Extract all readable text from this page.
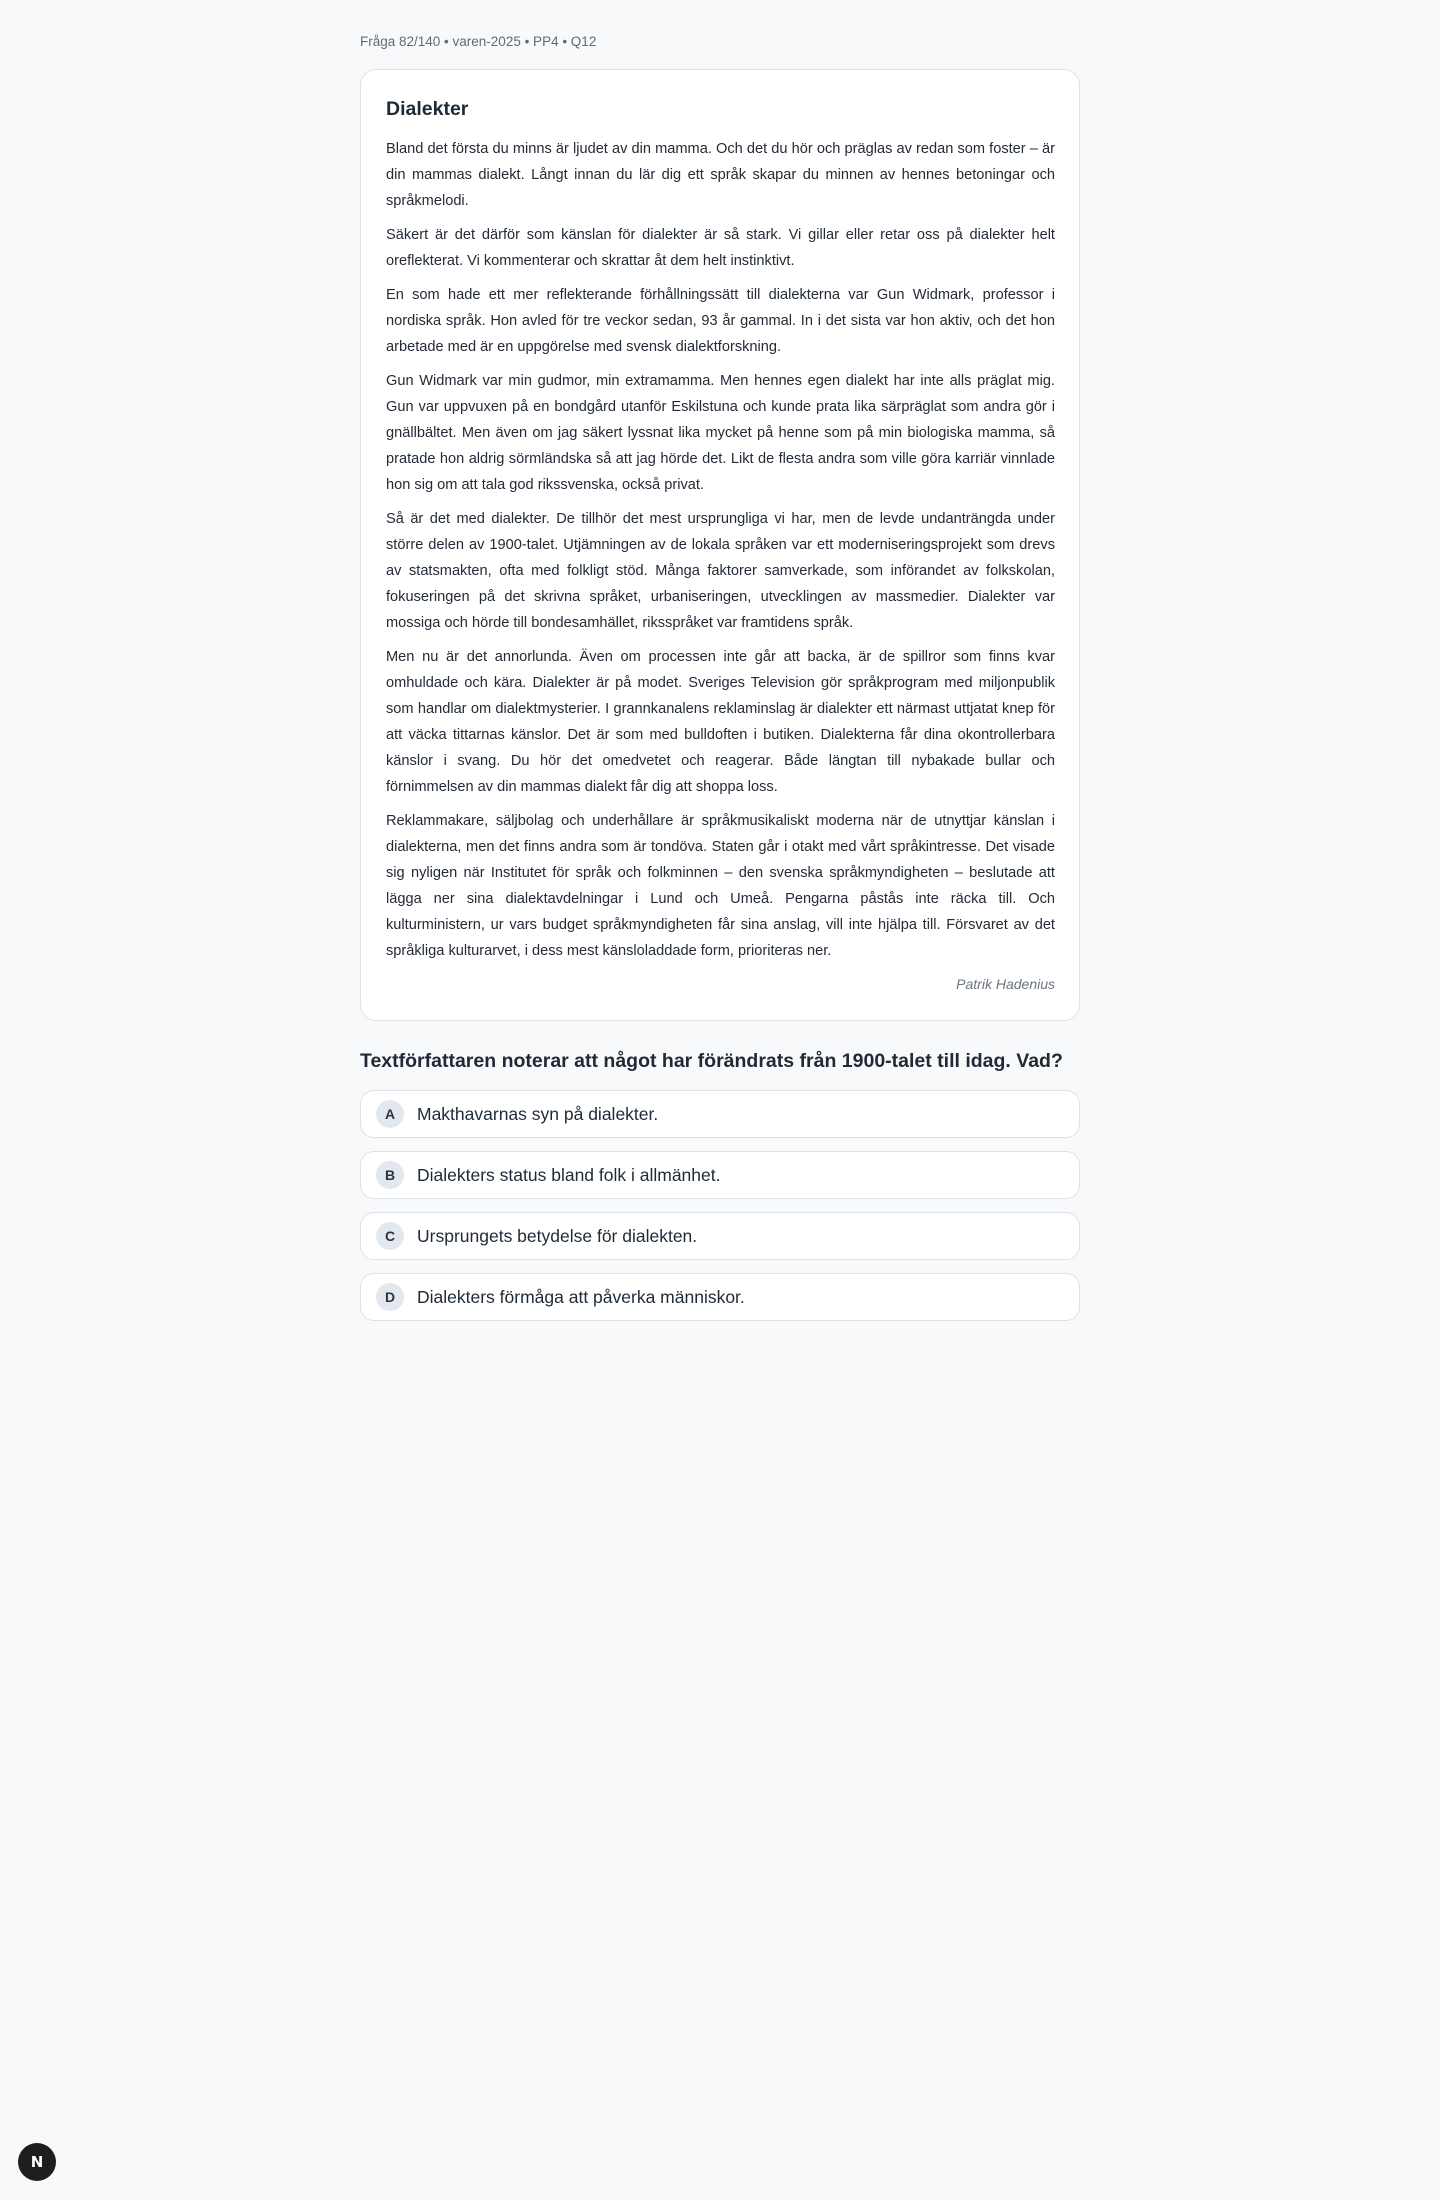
Fråga 82/140 • varen-2025 • PP4 • Q12
Dialekter

Bland det första du minns är ljudet av din mamma. Och det du hör och präglas av redan som foster – är din mammas dialekt. Långt innan du lär dig ett språk skapar du minnen av hennes betoningar och språkmelodi.

Säkert är det därför som känslan för dialekter är så stark. Vi gillar eller retar oss på dialekter helt oreflekterat. Vi kommenterar och skrattar åt dem helt instinktivt.

En som hade ett mer reflekterande förhållningssätt till dialekterna var Gun Widmark, professor i nordiska språk. Hon avled för tre veckor sedan, 93 år gammal. In i det sista var hon aktiv, och det hon arbetade med är en uppgörelse med svensk dialektforskning.

Gun Widmark var min gudmor, min extramamma. Men hennes egen dialekt har inte alls präglat mig. Gun var uppvuxen på en bondgård utanför Eskilstuna och kunde prata lika särpräglat som andra gör i gnällbältet. Men även om jag säkert lyssnat lika mycket på henne som på min biologiska mamma, så pratade hon aldrig sörmländska så att jag hörde det. Likt de flesta andra som ville göra karriär vinnlade hon sig om att tala god rikssvenska, också privat.

Så är det med dialekter. De tillhör det mest ursprungliga vi har, men de levde undanträngda under större delen av 1900-talet. Utjämningen av de lokala språken var ett moderniseringsprojekt som drevs av statsmakten, ofta med folkligt stöd. Många faktorer samverkade, som införandet av folkskolan, fokuseringen på det skrivna språket, urbaniseringen, utvecklingen av massmedier. Dialekter var mossiga och hörde till bondesamhället, riksspråket var framtidens språk.

Men nu är det annorlunda. Även om processen inte går att backa, är de spillror som finns kvar omhuldade och kära. Dialekter är på modet. Sveriges Television gör språkprogram med miljonpublik som handlar om dialektmysterier. I grannkanalens reklaminslag är dialekter ett närmast uttjatat knep för att väcka tittarnas känslor. Det är som med bulldoften i butiken. Dialekterna får dina okontrollerbara känslor i svang. Du hör det omedvetet och reagerar. Både längtan till nybakade bullar och förnimmelsen av din mammas dialekt får dig att shoppa loss.

Reklammakare, säljbolag och underhållare är språkmusikaliskt moderna när de utnyttjar känslan i dialekterna, men det finns andra som är tondöva. Staten går i otakt med vårt språkintresse. Det visade sig nyligen när Institutet för språk och folkminnen – den svenska språkmyndigheten – beslutade att lägga ner sina dialektavdelningar i Lund och Umeå. Pengarna påstås inte räcka till. Och kulturministern, ur vars budget språkmyndigheten får sina anslag, vill inte hjälpa till. Försvaret av det språkliga kulturarvet, i dess mest känsloladdade form, prioriteras ner.

Patrik Hadenius
Textförfattaren noterar att något har förändrats från 1900-talet till idag. Vad?
A	Makthavarnas syn på dialekter.
B	Dialekters status bland folk i allmänhet.
C	Ursprungets betydelse för dialekten.
D	Dialekters förmåga att påverka människor.
N
